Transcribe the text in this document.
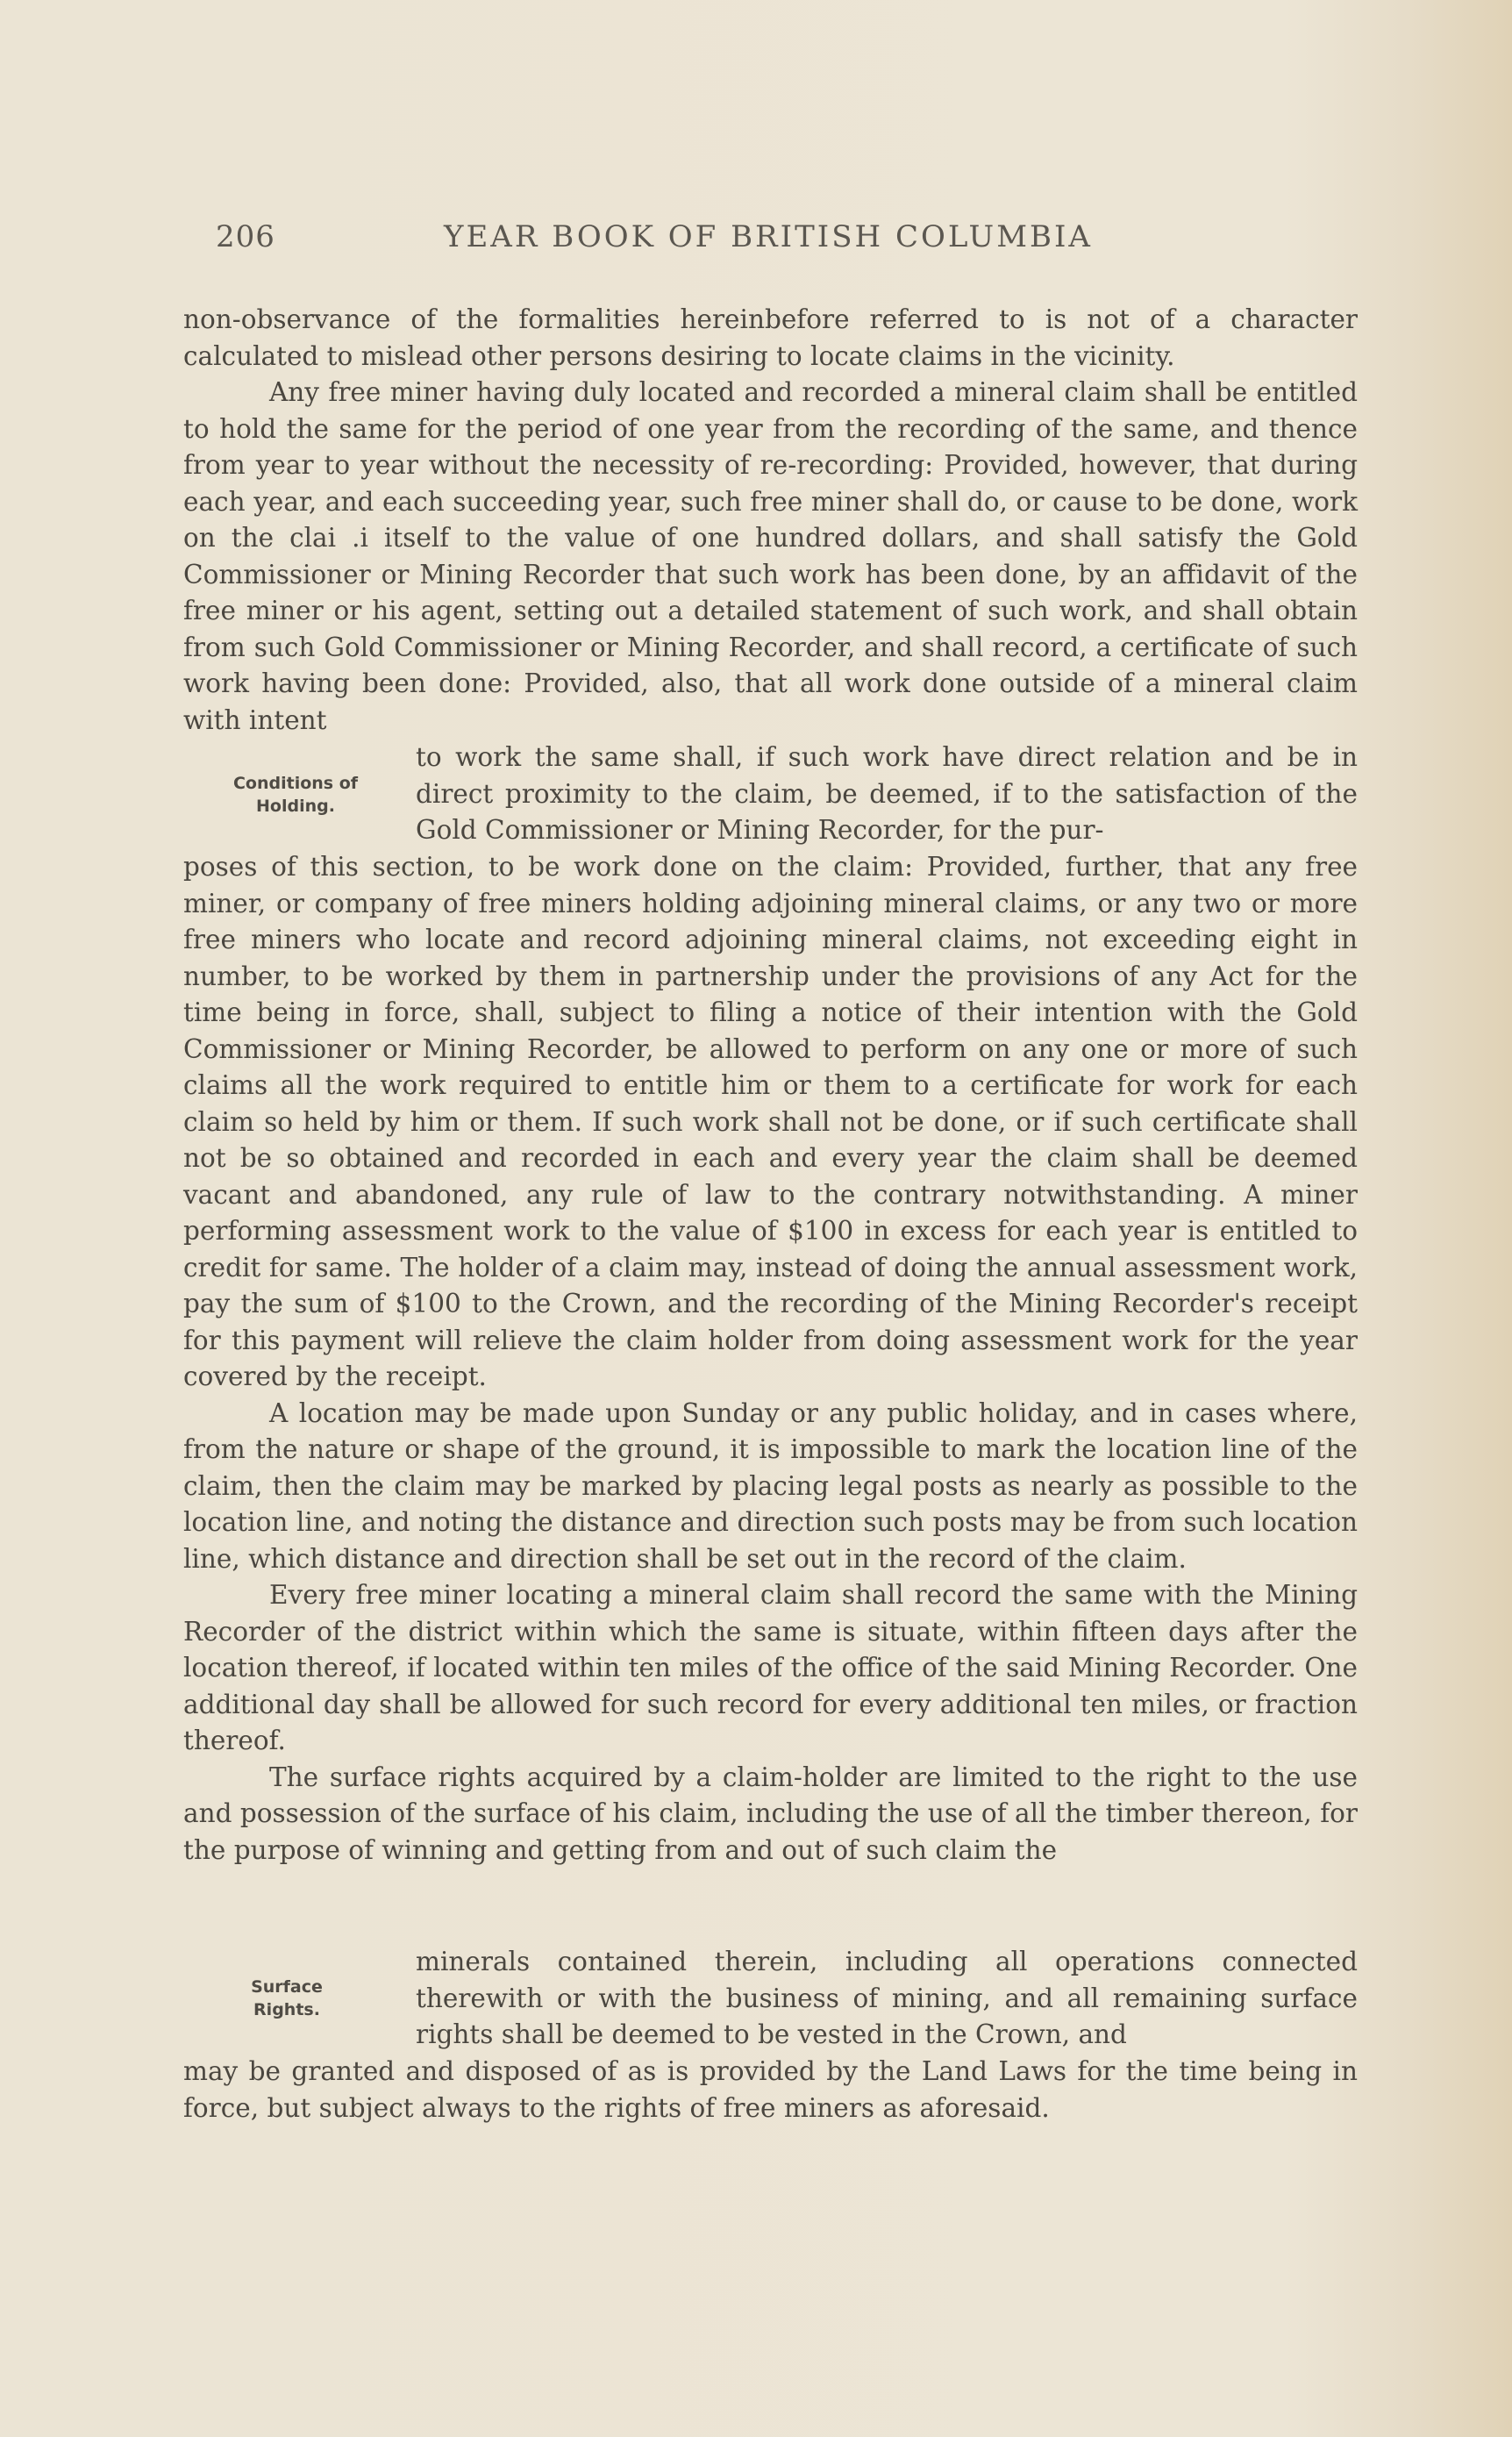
206	YEAR BOOK OF BRITISH COLUMBIA

non-observance of the formalities hereinbefore referred to is not of a character calculated to mislead other persons desiring to locate claims in the vicinity.

Any free miner having duly located and recorded a mineral claim shall be entitled to hold the same for the period of one year from the recording of the same, and thence from year to year without the necessity of re-recording: Provided, however, that during each year, and each succeeding year, such free miner shall do, or cause to be done, work on the clai .i itself to the value of one hundred dollars, and shall satisfy the Gold Commissioner or Mining Recorder that such work has been done, by an affidavit of the free miner or his agent, setting out a detailed statement of such work, and shall obtain from such Gold Commissioner or Mining Recorder, and shall record, a certificate of such work having been done: Provided, also, that all work done outside of a mineral claim with intent

to work the same shall, if such work have direct relation and be in direct proximity to the claim, be deemed, if to the satisfaction of the Gold Commissioner or Mining Recorder, for the pur-

Conditions of
Holding.

poses of this section, to be work done on the claim: Provided, further, that any free miner, or company of free miners holding adjoining mineral claims, or any two or more free miners who locate and record adjoining mineral claims, not exceeding eight in number, to be worked by them in partnership under the provisions of any Act for the time being in force, shall, subject to filing a notice of their intention with the Gold Commissioner or Mining Recorder, be allowed to perform on any one or more of such claims all the work required to entitle him or them to a certificate for work for each claim so held by him or them. If such work shall not be done, or if such certificate shall not be so obtained and recorded in each and every year the claim shall be deemed vacant and abandoned, any rule of law to the contrary notwithstanding. A miner performing assessment work to the value of $100 in excess for each year is entitled to credit for same. The holder of a claim may, instead of doing the annual assessment work, pay the sum of $100 to the Crown, and the recording of the Mining Recorder's receipt for this payment will relieve the claim holder from doing assessment work for the year covered by the receipt.

A location may be made upon Sunday or any public holiday, and in cases where, from the nature or shape of the ground, it is impossible to mark the location line of the claim, then the claim may be marked by placing legal posts as nearly as possible to the location line, and noting the distance and direction such posts may be from such location line, which distance and direction shall be set out in the record of the claim.

Every free miner locating a mineral claim shall record the same with the Mining Recorder of the district within which the same is situate, within fifteen days after the location thereof, if located within ten miles of the office of the said Mining Recorder. One additional day shall be allowed for such record for every additional ten miles, or fraction thereof.

The surface rights acquired by a claim-holder are limited to the right to the use and possession of the surface of his claim, including the use of all the timber thereon, for the purpose of winning and getting from and out of such claim the

minerals contained therein, including all operations connected therewith or with the business of mining, and all remaining surface rights shall be deemed to be vested in the Crown, and

Surface
Rights.

may be granted and disposed of as is provided by the Land Laws for the time being in force, but subject always to the rights of free miners as aforesaid.
